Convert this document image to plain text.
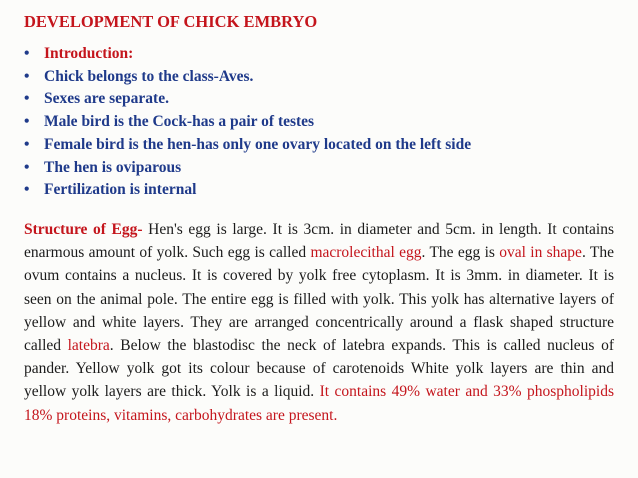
DEVELOPMENT OF CHICK EMBRYO
• Introduction:
• Chick belongs to the class-Aves.
• Sexes are separate.
• Male bird is the Cock-has a pair of testes
• Female bird is the hen-has only one ovary located on the left side
• The hen is oviparous
• Fertilization is internal

Structure of Egg- Hen's egg is large. It is 3cm. in diameter and 5cm. in length. It contains enarmous amount of yolk. Such egg is called macrolecithal egg. The egg is oval in shape. The ovum contains a nucleus. It is covered by yolk free cytoplasm. It is 3mm. in diameter. It is seen on the animal pole. The entire egg is filled with yolk. This yolk has alternative layers of yellow and white layers. They are arranged concentrically around a flask shaped structure called latebra. Below the blastodisc the neck of latebra expands. This is called nucleus of pander. Yellow yolk got its colour because of carotenoids White yolk layers are thin and yellow yolk layers are thick. Yolk is a liquid. It contains 49% water and 33% phospholipids 18% proteins, vitamins, carbohydrates are present.
